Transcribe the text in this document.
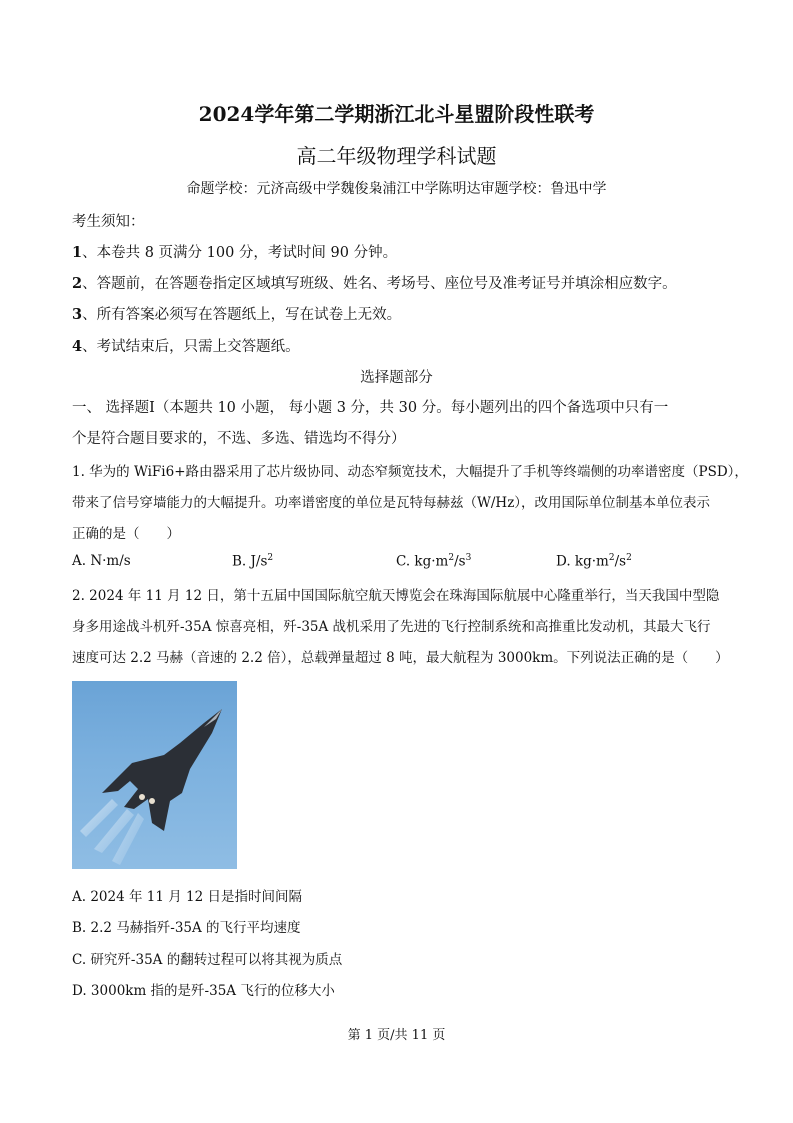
2024学年第二学期浙江北斗星盟阶段性联考
高二年级物理学科试题
命题学校：元济高级中学魏俊枭浦江中学陈明达审题学校：鲁迅中学
考生须知：
1、本卷共 8 页满分 100 分，考试时间 90 分钟。
2、答题前，在答题卷指定区域填写班级、姓名、考场号、座位号及准考证号并填涂相应数字。
3、所有答案必须写在答题纸上，写在试卷上无效。
4、考试结束后，只需上交答题纸。
选择题部分
一、 选择题Ⅰ（本题共 10 小题， 每小题 3 分，共 30 分。每小题列出的四个备选项中只有一
个是符合题目要求的，不选、多选、错选均不得分）
1. 华为的 WiFi6+路由器采用了芯片级协同、动态窄频宽技术，大幅提升了手机等终端侧的功率谱密度（PSD），
带来了信号穿墙能力的大幅提升。功率谱密度的单位是瓦特每赫兹（W/Hz），改用国际单位制基本单位表示
正确的是（　　）
A. N·m/s	B. $J/s^2$	C. $kg\cdot m^2/s^3$	D. $kg\cdot m^2/s^2$
2. 2024 年 11 月 12 日，第十五届中国国际航空航天博览会在珠海国际航展中心隆重举行，当天我国中型隐
身多用途战斗机歼-35A 惊喜亮相，歼-35A 战机采用了先进的飞行控制系统和高推重比发动机，其最大飞行
速度可达 2.2 马赫（音速的 2.2 倍），总载弹量超过 8 吨，最大航程为 3000km。下列说法正确的是（　　）
A. 2024 年 11 月 12 日是指时间间隔
B. 2.2 马赫指歼-35A 的飞行平均速度
C. 研究歼-35A 的翻转过程可以将其视为质点
D. 3000km 指的是歼-35A 飞行的位移大小
第 1 页/共 11 页
